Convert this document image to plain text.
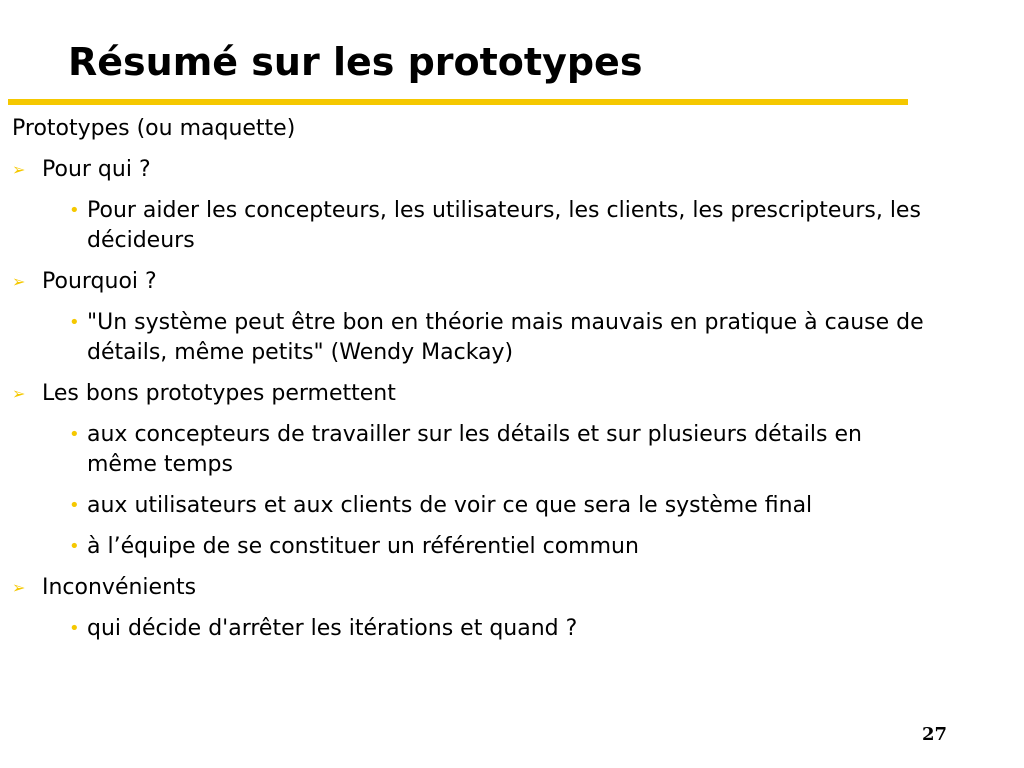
Résumé sur les prototypes

Prototypes (ou maquette)

➢ Pour qui ?

• Pour aider les concepteurs, les utilisateurs, les clients, les prescripteurs, les décideurs

➢ Pourquoi ?

• "Un système peut être bon en théorie mais mauvais en pratique à cause de détails, même petits" (Wendy Mackay)

➢ Les bons prototypes permettent

• aux concepteurs de travailler sur les détails et sur plusieurs détails en même temps

• aux utilisateurs et aux clients de voir ce que sera le système final

• à l’équipe de se constituer un référentiel commun

➢ Inconvénients

• qui décide d'arrêter les itérations et quand ?

27
